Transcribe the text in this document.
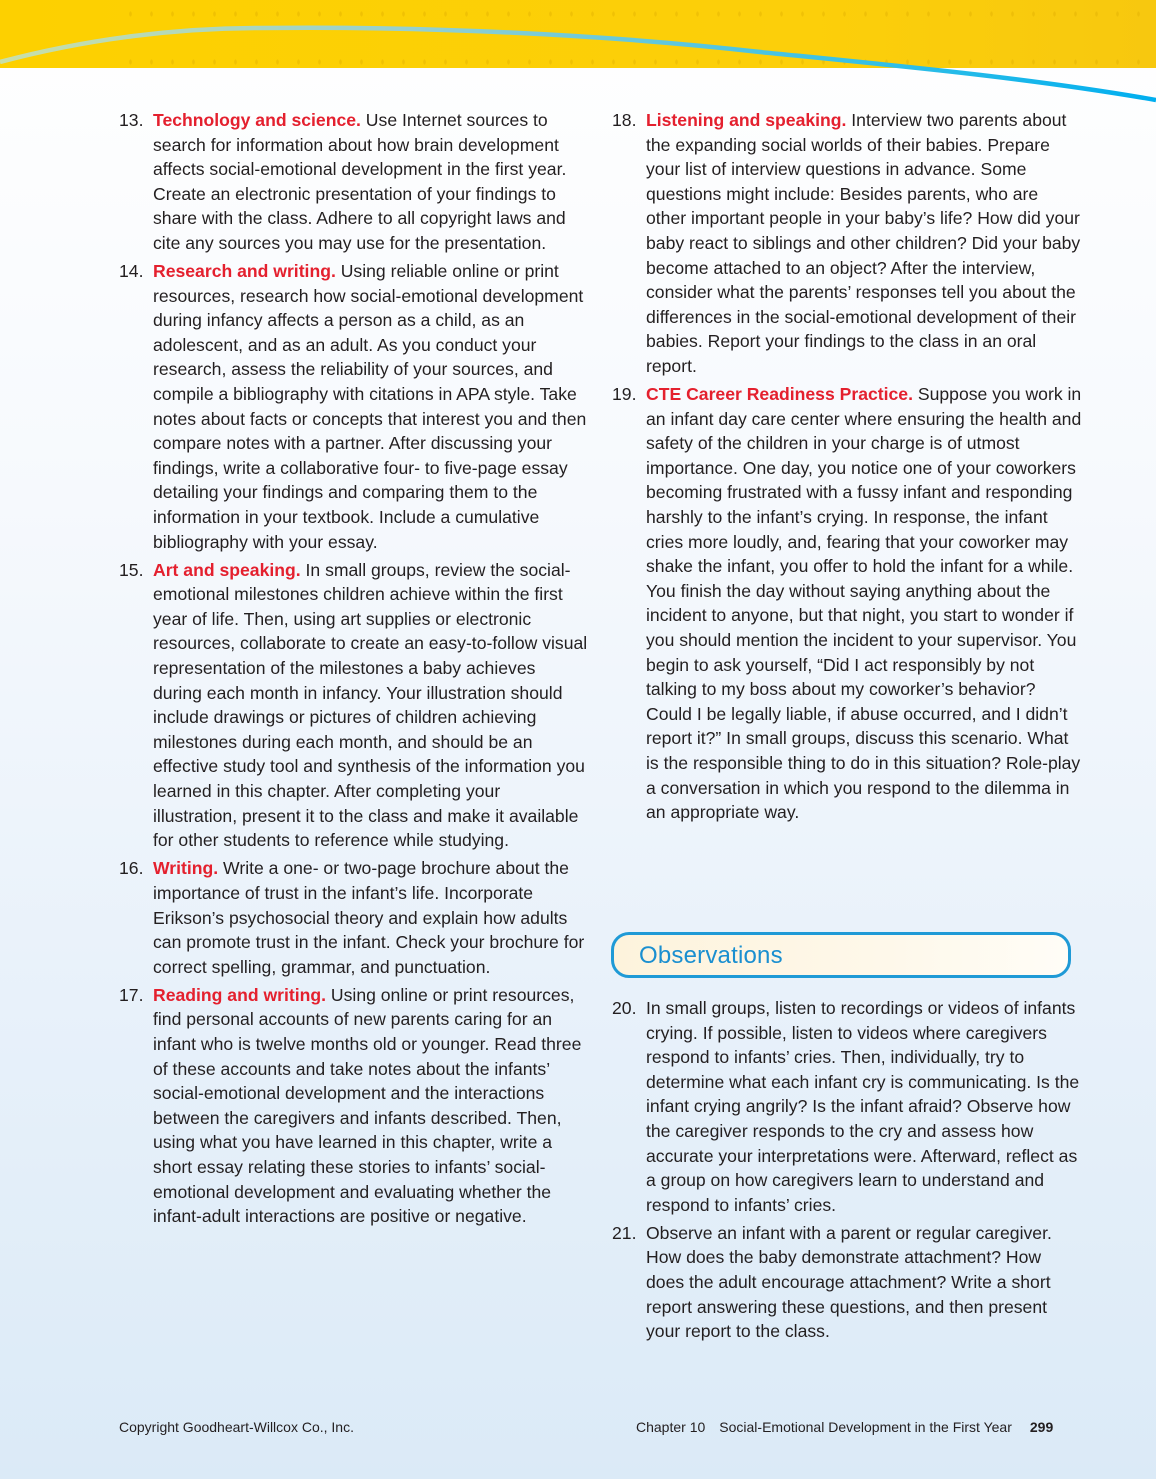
13. Technology and science. Use Internet sources to search for information about how brain development affects social-emotional development in the first year. Create an electronic presentation of your findings to share with the class. Adhere to all copyright laws and cite any sources you may use for the presentation.
14. Research and writing. Using reliable online or print resources, research how social-emotional development during infancy affects a person as a child, as an adolescent, and as an adult. As you conduct your research, assess the reliability of your sources, and compile a bibliography with citations in APA style. Take notes about facts or concepts that interest you and then compare notes with a partner. After discussing your findings, write a collaborative four- to five-page essay detailing your findings and comparing them to the information in your textbook. Include a cumulative bibliography with your essay.
15. Art and speaking. In small groups, review the social-emotional milestones children achieve within the first year of life. Then, using art supplies or electronic resources, collaborate to create an easy-to-follow visual representation of the milestones a baby achieves during each month in infancy. Your illustration should include drawings or pictures of children achieving milestones during each month, and should be an effective study tool and synthesis of the information you learned in this chapter. After completing your illustration, present it to the class and make it available for other students to reference while studying.
16. Writing. Write a one- or two-page brochure about the importance of trust in the infant’s life. Incorporate Erikson’s psychosocial theory and explain how adults can promote trust in the infant. Check your brochure for correct spelling, grammar, and punctuation.
17. Reading and writing. Using online or print resources, find personal accounts of new parents caring for an infant who is twelve months old or younger. Read three of these accounts and take notes about the infants’ social-emotional development and the interactions between the caregivers and infants described. Then, using what you have learned in this chapter, write a short essay relating these stories to infants’ social-emotional development and evaluating whether the infant-adult interactions are positive or negative.
18. Listening and speaking. Interview two parents about the expanding social worlds of their babies. Prepare your list of interview questions in advance. Some questions might include: Besides parents, who are other important people in your baby’s life? How did your baby react to siblings and other children? Did your baby become attached to an object? After the interview, consider what the parents’ responses tell you about the differences in the social-emotional development of their babies. Report your findings to the class in an oral report.
19. CTE Career Readiness Practice. Suppose you work in an infant day care center where ensuring the health and safety of the children in your charge is of utmost importance. One day, you notice one of your coworkers becoming frustrated with a fussy infant and responding harshly to the infant’s crying. In response, the infant cries more loudly, and, fearing that your coworker may shake the infant, you offer to hold the infant for a while. You finish the day without saying anything about the incident to anyone, but that night, you start to wonder if you should mention the incident to your supervisor. You begin to ask yourself, “Did I act responsibly by not talking to my boss about my coworker’s behavior? Could I be legally liable, if abuse occurred, and I didn’t report it?” In small groups, discuss this scenario. What is the responsible thing to do in this situation? Role-play a conversation in which you respond to the dilemma in an appropriate way.
Observations
20. In small groups, listen to recordings or videos of infants crying. If possible, listen to videos where caregivers respond to infants’ cries. Then, individually, try to determine what each infant cry is communicating. Is the infant crying angrily? Is the infant afraid? Observe how the caregiver responds to the cry and assess how accurate your interpretations were. Afterward, reflect as a group on how caregivers learn to understand and respond to infants’ cries.
21. Observe an infant with a parent or regular caregiver. How does the baby demonstrate attachment? How does the adult encourage attachment? Write a short report answering these questions, and then present your report to the class.
Copyright Goodheart-Willcox Co., Inc.	Chapter 10 Social-Emotional Development in the First Year 299
